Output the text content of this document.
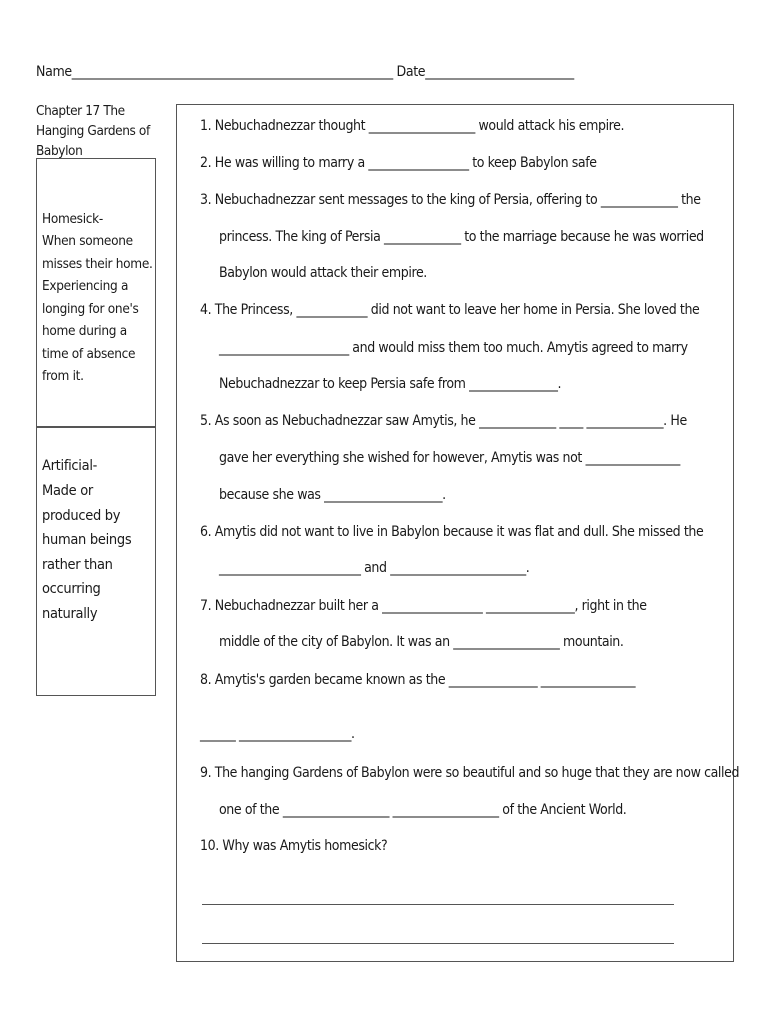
Name______________________________________________________ Date_________________________
Chapter 17 The Hanging Gardens of Babylon
Homesick-
When someone misses their home. Experiencing a longing for one's home during a time of absence from it.
Artificial-
Made or produced by human beings rather than occurring naturally
1. Nebuchadnezzar thought __________________ would attack his empire.
2. He was willing to marry a _________________ to keep Babylon safe
3. Nebuchadnezzar sent messages to the king of Persia, offering to _____________ the
princess. The king of Persia _____________ to the marriage because he was worried
Babylon would attack their empire.
4. The Princess, ____________ did not want to leave her home in Persia. She loved the
______________________ and would miss them too much. Amytis agreed to marry
Nebuchadnezzar to keep Persia safe from _______________.
5. As soon as Nebuchadnezzar saw Amytis, he _____________ ____ _____________. He
gave her everything she wished for however, Amytis was not ________________
because she was ____________________.
6. Amytis did not want to live in Babylon because it was flat and dull. She missed the
________________________ and _______________________.
7. Nebuchadnezzar built her a _________________ _______________, right in the
middle of the city of Babylon. It was an __________________ mountain.
8. Amytis's garden became known as the _______________ ________________
______ ___________________.
9. The hanging Gardens of Babylon were so beautiful and so huge that they are now called
one of the __________________ __________________ of the Ancient World.
10. Why was Amytis homesick?
